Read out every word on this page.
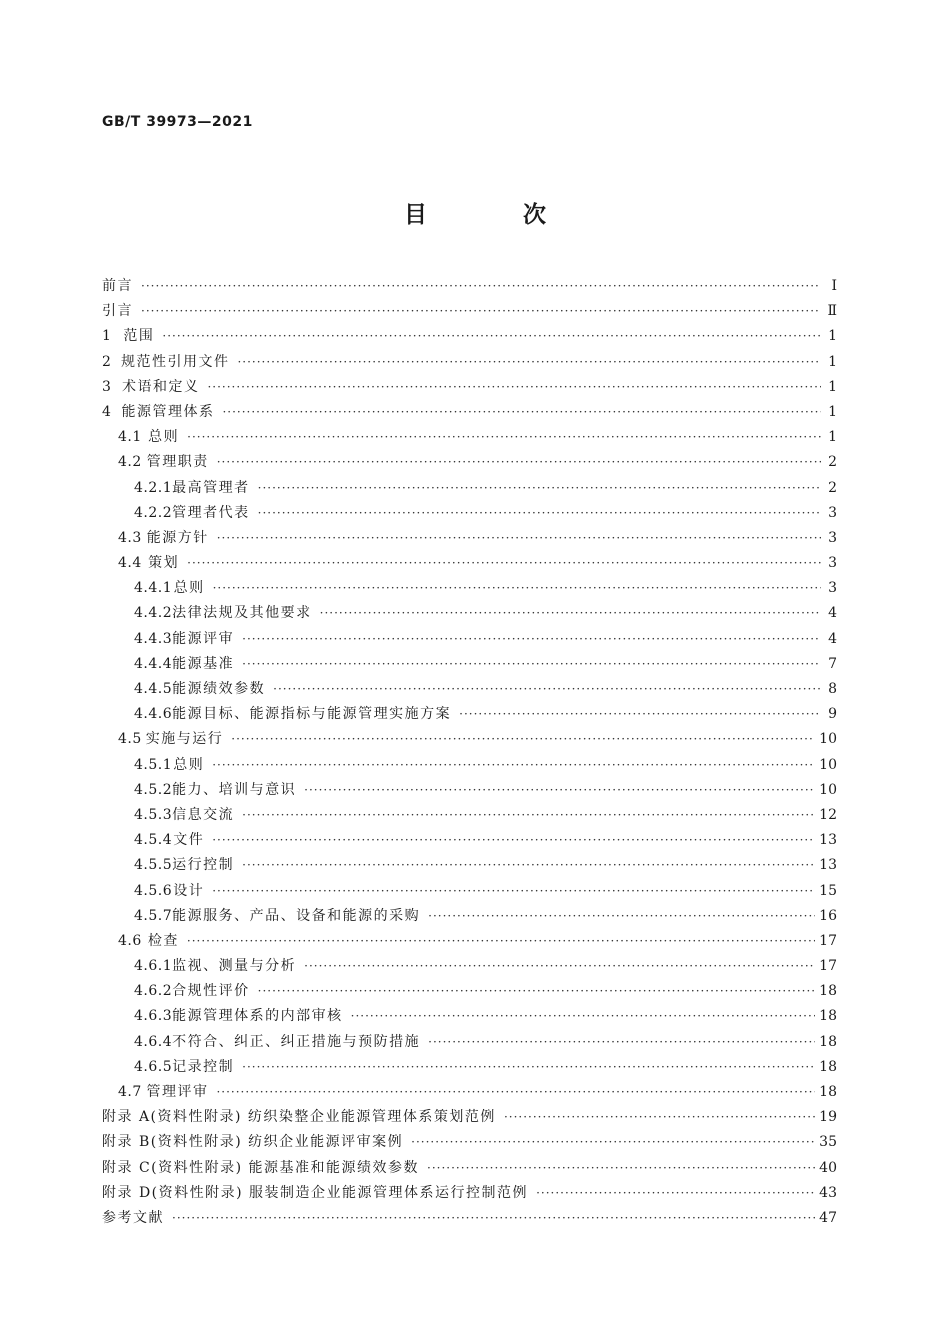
GB/T 39973—2021
目 次
前言 ·····	Ⅰ
引言 ·····	Ⅱ
1 范围 ·····	1
2 规范性引用文件 ·····	1
3 术语和定义 ·····	1
4 能源管理体系 ·····	1
4.1 总则 ·····	1
4.2 管理职责 ·····	2
4.2.1 最高管理者 ·····	2
4.2.2 管理者代表 ·····	3
4.3 能源方针 ·····	3
4.4 策划 ·····	3
4.4.1 总则 ·····	3
4.4.2 法律法规及其他要求 ·····	4
4.4.3 能源评审 ·····	4
4.4.4 能源基准 ·····	7
4.4.5 能源绩效参数 ·····	8
4.4.6 能源目标、能源指标与能源管理实施方案 ·····	9
4.5 实施与运行 ·····	10
4.5.1 总则 ·····	10
4.5.2 能力、培训与意识 ·····	10
4.5.3 信息交流 ·····	12
4.5.4 文件 ·····	13
4.5.5 运行控制 ·····	13
4.5.6 设计 ·····	15
4.5.7 能源服务、产品、设备和能源的采购 ·····	16
4.6 检查 ·····	17
4.6.1 监视、测量与分析 ·····	17
4.6.2 合规性评价 ·····	18
4.6.3 能源管理体系的内部审核 ·····	18
4.6.4 不符合、纠正、纠正措施与预防措施 ·····	18
4.6.5 记录控制 ·····	18
4.7 管理评审 ·····	18
附录 A(资料性附录) 纺织染整企业能源管理体系策划范例 ·····	19
附录 B(资料性附录) 纺织企业能源评审案例 ·····	35
附录 C(资料性附录) 能源基准和能源绩效参数 ·····	40
附录 D(资料性附录) 服装制造企业能源管理体系运行控制范例 ·····	43
参考文献 ·····	47
